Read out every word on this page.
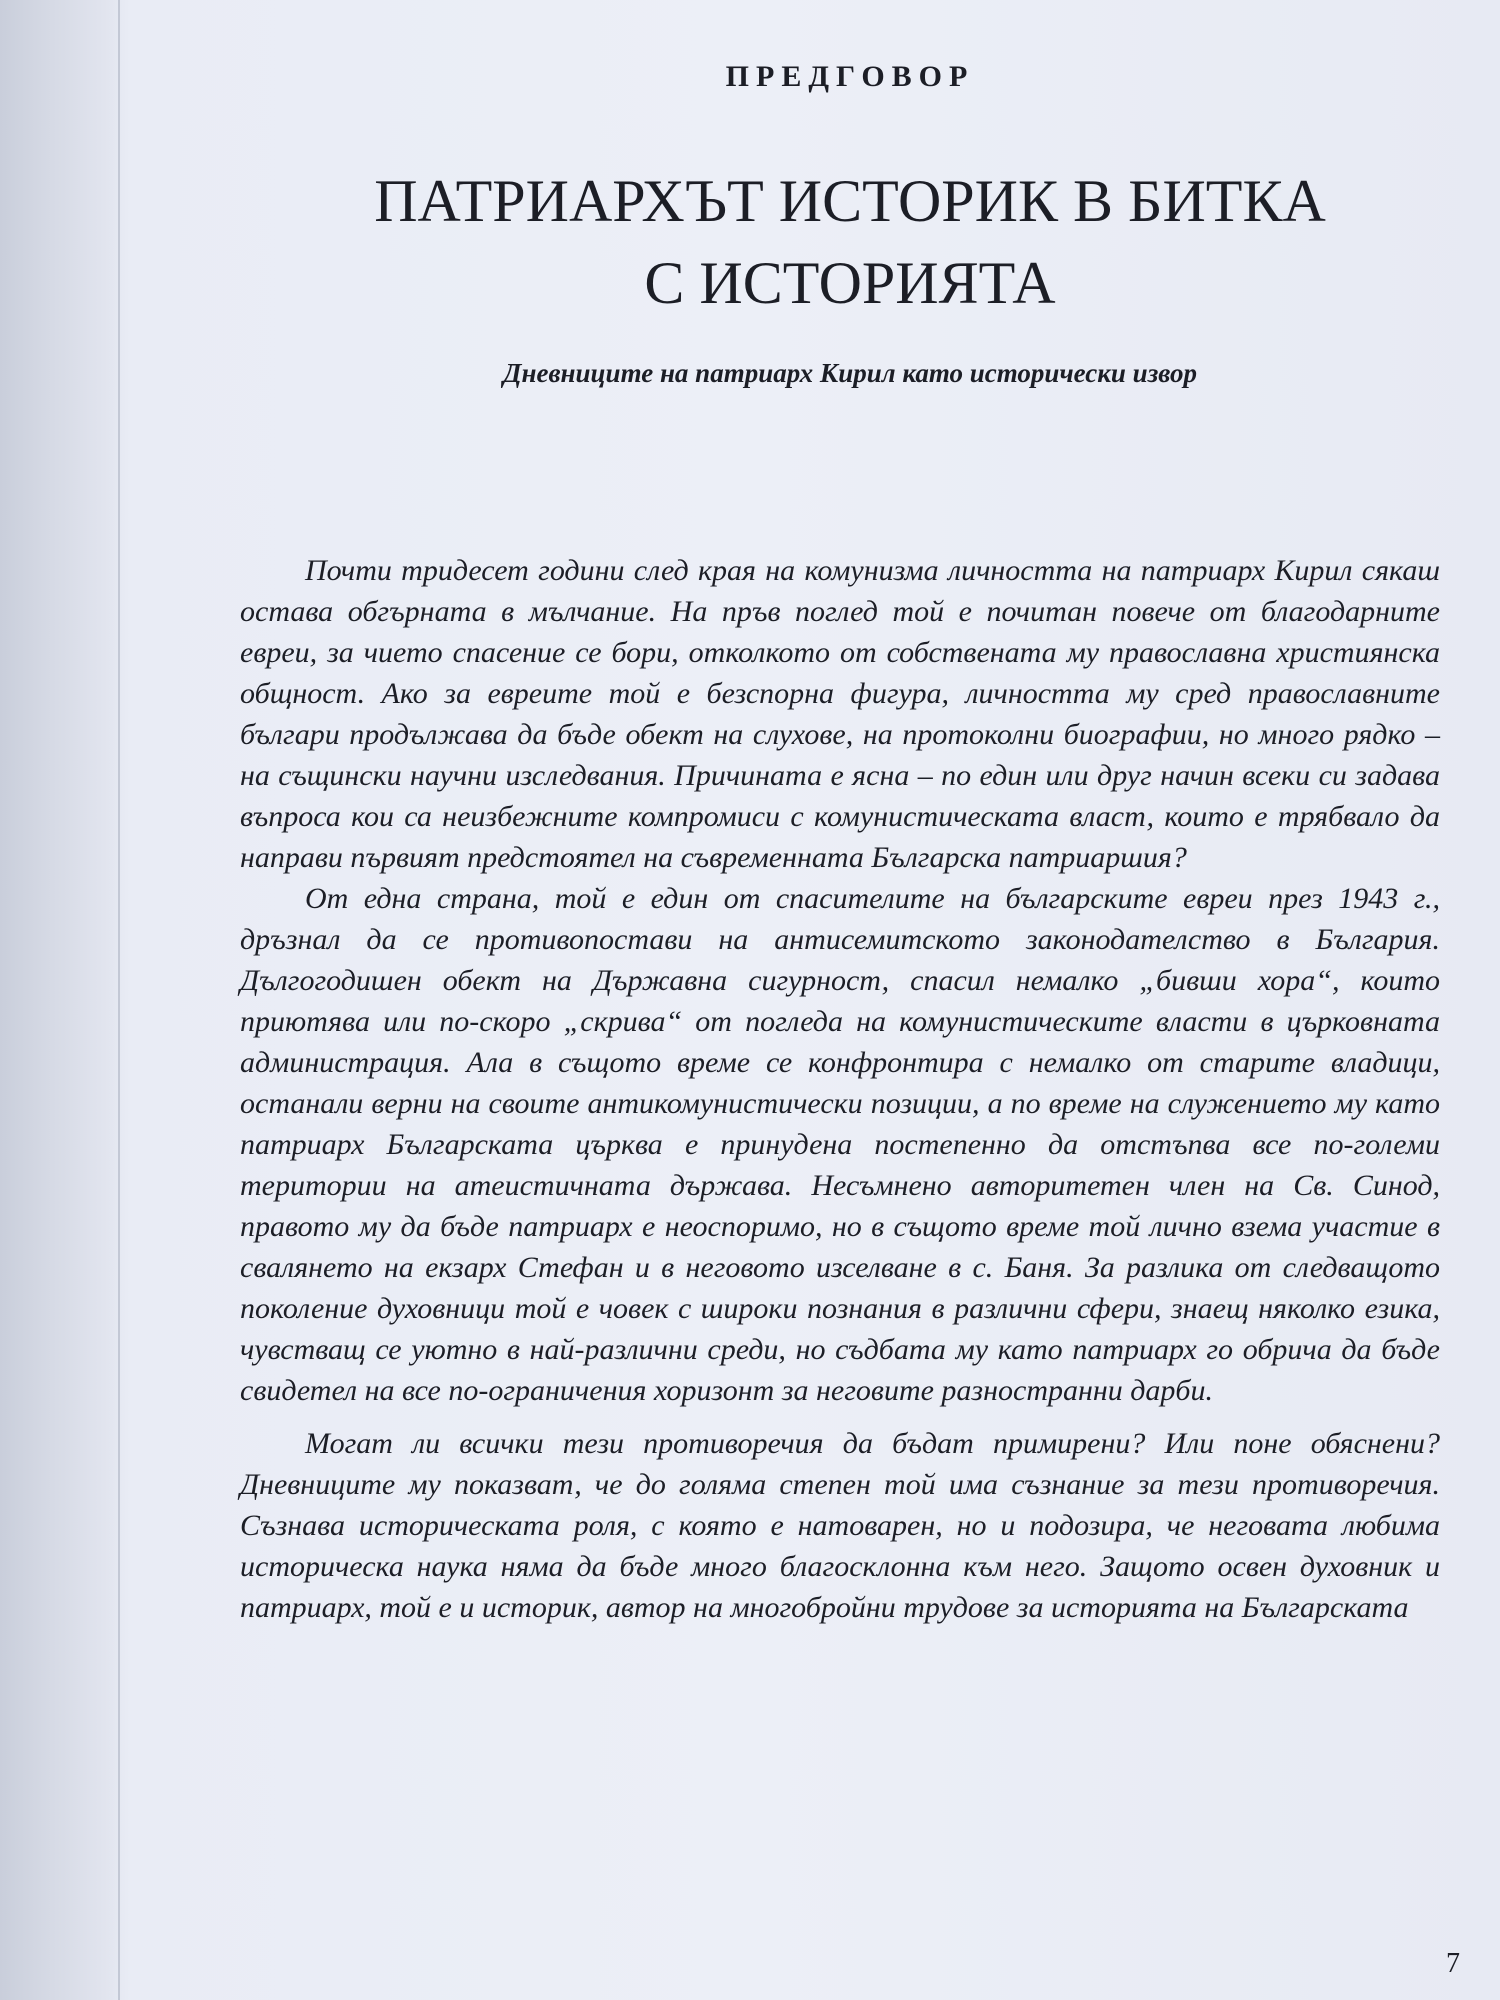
ПРЕДГОВОР
ПАТРИАРХЪТ ИСТОРИК В БИТКА
С ИСТОРИЯТА
Дневниците на патриарх Кирил като исторически извор

Почти тридесет години след края на комунизма личността на патриарх Кирил сякаш остава обгърната в мълчание. На пръв поглед той е почитан повече от благодарните евреи, за чието спасение се бори, отколкото от собствената му православна християнска общност. Ако за евреите той е безспорна фигура, личността му сред православните българи продължава да бъде обект на слухове, на протоколни биографии, но много рядко – на същински научни изследвания. Причината е ясна – по един или друг начин всеки си задава въпроса кои са неизбежните компромиси с комунистическата власт, които е трябвало да направи първият предстоятел на съвременната Българска патриаршия?

От една страна, той е един от спасителите на българските евреи през 1943 г., дръзнал да се противопостави на антисемитското законодателство в България. Дългогодишен обект на Държавна сигурност, спасил немалко „бивши хора“, които приютява или по-скоро „скрива“ от погледа на комунистическите власти в църковната администрация. Ала в същото време се конфронтира с немалко от старите владици, останали верни на своите антикомунистически позиции, а по време на служението му като патриарх Българската църква е принудена постепенно да отстъпва все по-големи територии на атеистичната държава. Несъмнено авторитетен член на Св. Синод, правото му да бъде патриарх е неоспоримо, но в същото време той лично взема участие в свалянето на екзарх Стефан и в неговото изселване в с. Баня. За разлика от следващото поколение духовници той е човек с широки познания в различни сфери, знаещ няколко езика, чувстващ се уютно в най-различни среди, но съдбата му като патриарх го обрича да бъде свидетел на все по-ограничения хоризонт за неговите разностранни дарби.

Могат ли всички тези противоречия да бъдат примирени? Или поне обяснени? Дневниците му показват, че до голяма степен той има съзнание за тези противоречия. Съзнава историческата роля, с която е натоварен, но и подозира, че неговата любима историческа наука няма да бъде много благосклонна към него. Защото освен духовник и патриарх, той е и историк, автор на многобройни трудове за историята на Българската

7
